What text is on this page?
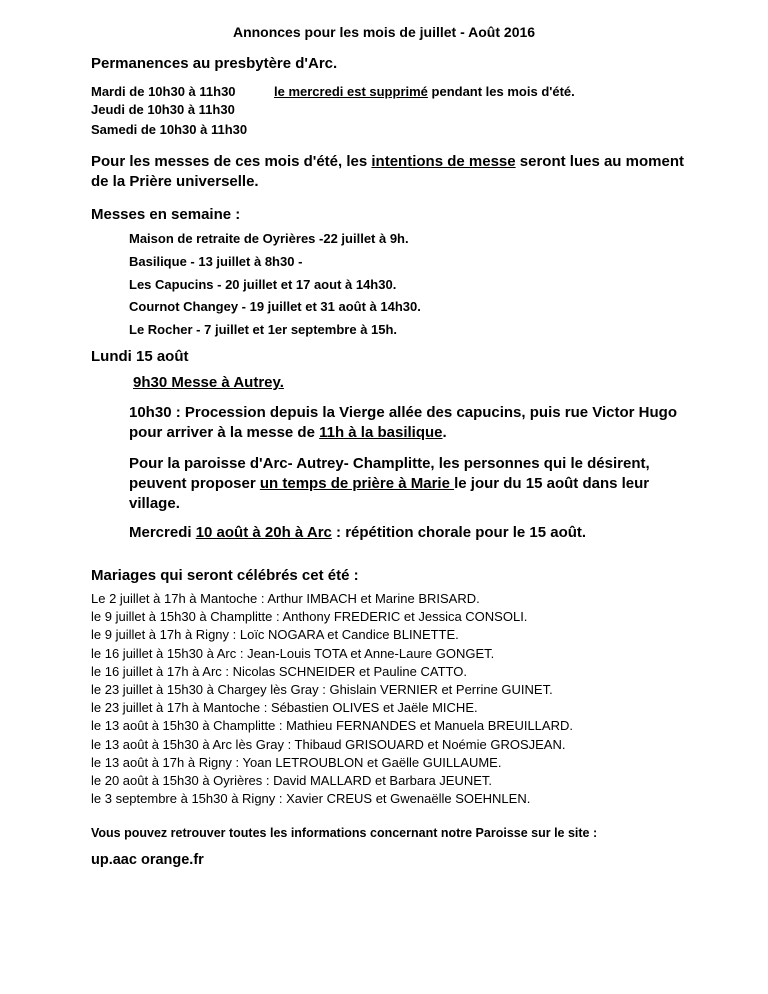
Annonces pour les mois de juillet - Août 2016
Permanences au presbytère d'Arc.
Mardi de 10h30 à 11h30	le mercredi est supprimé pendant les mois d'été.
Jeudi de 10h30 à 11h30
Samedi de 10h30 à 11h30
Pour les messes de ces mois d'été, les intentions de messe seront lues au moment de la Prière universelle.
Messes en semaine :
Maison de retraite de Oyrières -22 juillet à 9h.
Basilique - 13 juillet à 8h30 -
Les Capucins - 20 juillet et 17 aout à 14h30.
Cournot Changey - 19 juillet et 31 août à 14h30.
Le Rocher - 7 juillet et 1er septembre à 15h.
Lundi 15 août
9h30 Messe à Autrey.
10h30 : Procession depuis la Vierge allée des capucins, puis rue Victor Hugo pour arriver à la messe de 11h à la basilique.
Pour la paroisse d'Arc- Autrey- Champlitte, les personnes qui le désirent, peuvent proposer un temps de prière à Marie le jour du 15 août dans leur village.
Mercredi 10 août à 20h à Arc : répétition chorale pour le 15 août.
Mariages qui seront célébrés cet été :
Le 2 juillet à 17h à Mantoche : Arthur IMBACH et Marine BRISARD.
le 9 juillet à 15h30 à Champlitte : Anthony FREDERIC et Jessica CONSOLI.
le 9 juillet à 17h à Rigny : Loïc NOGARA et Candice BLINETTE.
le 16 juillet à 15h30 à Arc : Jean-Louis TOTA et Anne-Laure GONGET.
le 16 juillet à 17h à Arc : Nicolas SCHNEIDER et Pauline CATTO.
le 23 juillet à 15h30 à Chargey lès Gray : Ghislain VERNIER et Perrine GUINET.
le 23 juillet à 17h à Mantoche : Sébastien OLIVES et Jaële MICHE.
le 13 août à 15h30 à Champlitte : Mathieu FERNANDES et Manuela BREUILLARD.
le 13 août à 15h30 à Arc lès Gray : Thibaud GRISOUARD et Noémie GROSJEAN.
le 13 août à 17h à Rigny : Yoan LETROUBLON et Gaëlle GUILLAUME.
le 20 août à 15h30 à Oyrières : David MALLARD et Barbara JEUNET.
le 3 septembre à 15h30 à Rigny : Xavier CREUS et Gwenaëlle SOEHNLEN.
Vous pouvez retrouver toutes les informations concernant notre Paroisse sur le site :
up.aac orange.fr
